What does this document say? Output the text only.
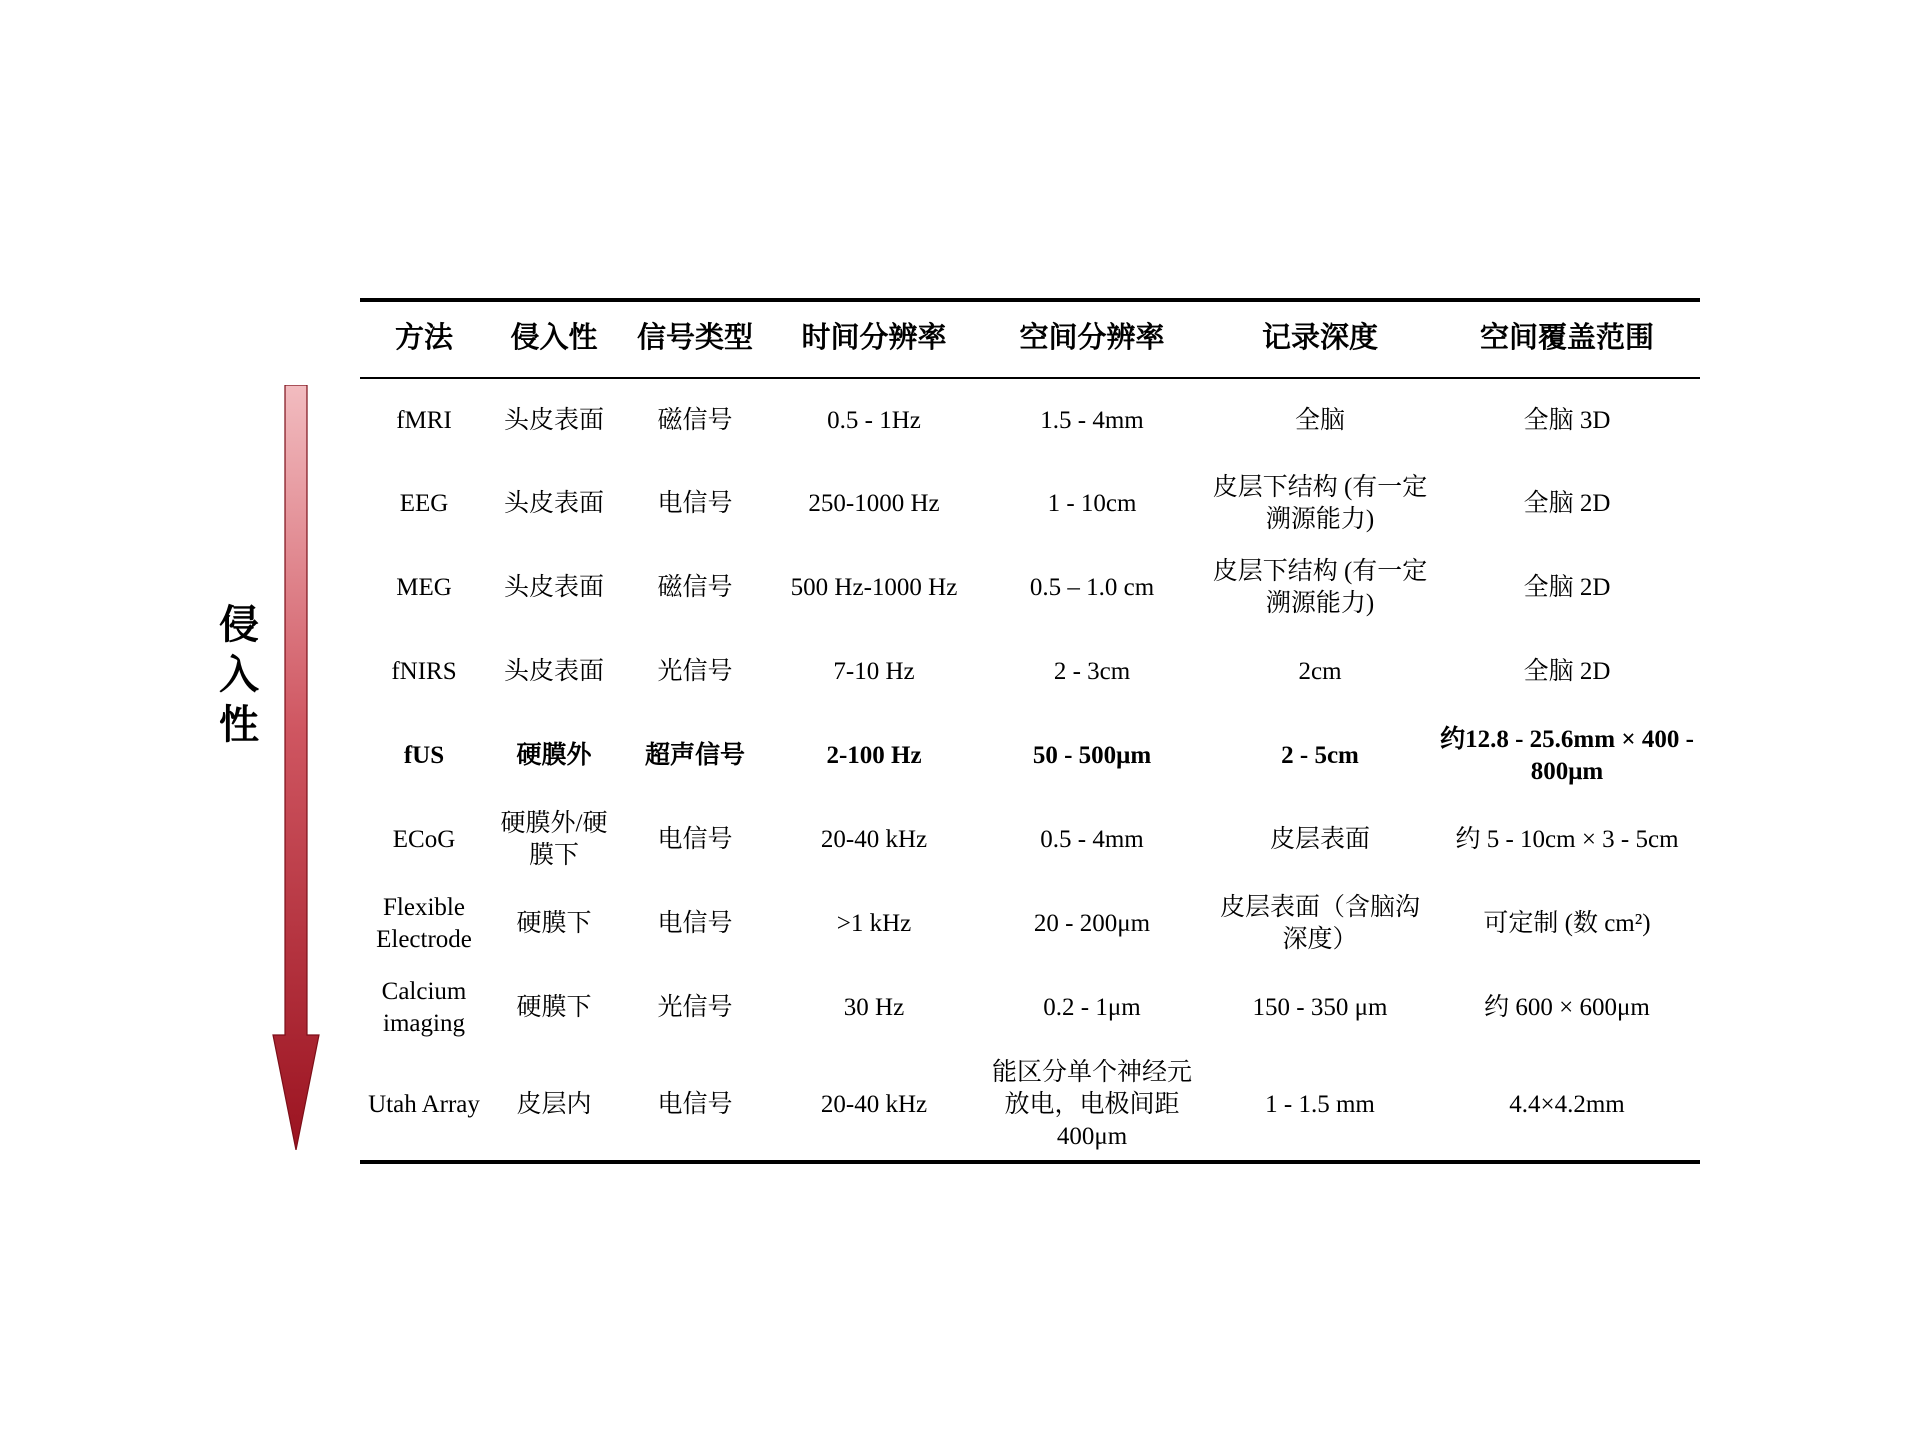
侵
入
性
方法	侵入性	信号类型	时间分辨率	空间分辨率	记录深度	空间覆盖范围
fMRI	头皮表面	磁信号	0.5 - 1Hz	1.5 - 4mm	全脑	全脑 3D
EEG	头皮表面	电信号	250-1000 Hz	1 - 10cm	皮层下结构 (有一定溯源能力)	全脑 2D
MEG	头皮表面	磁信号	500 Hz-1000 Hz	0.5 – 1.0 cm	皮层下结构 (有一定溯源能力)	全脑 2D
fNIRS	头皮表面	光信号	7-10 Hz	2 - 3cm	2cm	全脑 2D
fUS	硬膜外	超声信号	2-100 Hz	50 - 500μm	2 - 5cm	约12.8 - 25.6mm × 400 - 800μm
ECoG	硬膜外/硬膜下	电信号	20-40 kHz	0.5 - 4mm	皮层表面	约 5 - 10cm × 3 - 5cm
Flexible Electrode	硬膜下	电信号	>1 kHz	20 - 200μm	皮层表面（含脑沟深度）	可定制 (数 cm²)
Calcium imaging	硬膜下	光信号	30 Hz	0.2 - 1μm	150 - 350 μm	约 600 × 600μm
Utah Array	皮层内	电信号	20-40 kHz	能区分单个神经元放电，电极间距400μm	1 - 1.5 mm	4.4×4.2mm
